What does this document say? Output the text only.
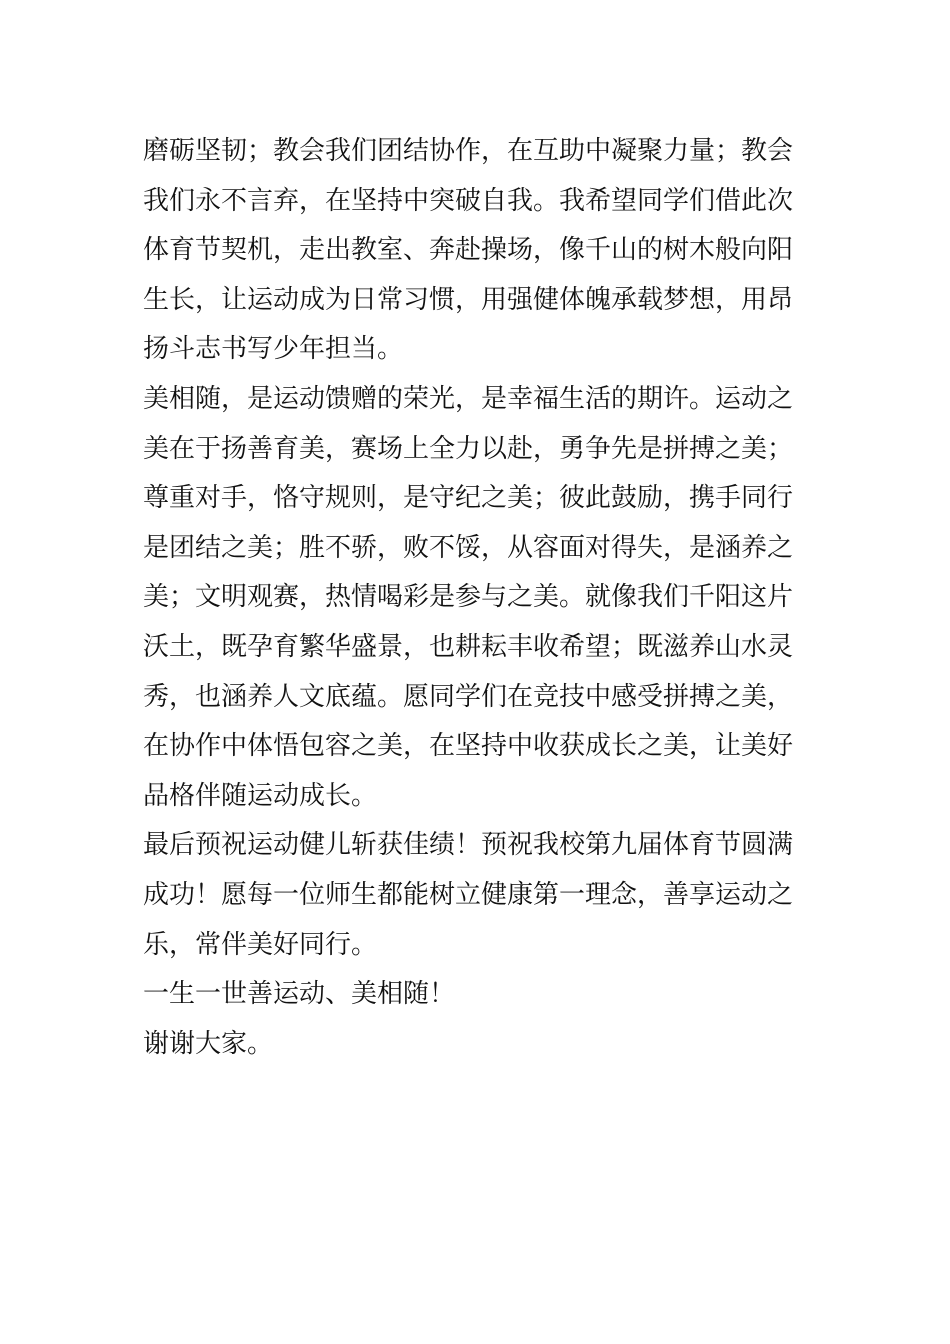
磨砺坚韧；教会我们团结协作，在互助中凝聚力量；教会
我们永不言弃，在坚持中突破自我。我希望同学们借此次
体育节契机，走出教室、奔赴操场，像千山的树木般向阳
生长，让运动成为日常习惯，用强健体魄承载梦想，用昂
扬斗志书写少年担当。
美相随，是运动馈赠的荣光，是幸福生活的期许。运动之
美在于扬善育美，赛场上全力以赴，勇争先是拼搏之美；
尊重对手，恪守规则，是守纪之美；彼此鼓励，携手同行
是团结之美；胜不骄，败不馁，从容面对得失，是涵养之
美；文明观赛，热情喝彩是参与之美。就像我们千阳这片
沃土，既孕育繁华盛景，也耕耘丰收希望；既滋养山水灵
秀，也涵养人文底蕴。愿同学们在竞技中感受拼搏之美，
在协作中体悟包容之美，在坚持中收获成长之美，让美好
品格伴随运动成长。
最后预祝运动健儿斩获佳绩！预祝我校第九届体育节圆满
成功！愿每一位师生都能树立健康第一理念，善享运动之
乐，常伴美好同行。
一生一世善运动、美相随！
谢谢大家。
